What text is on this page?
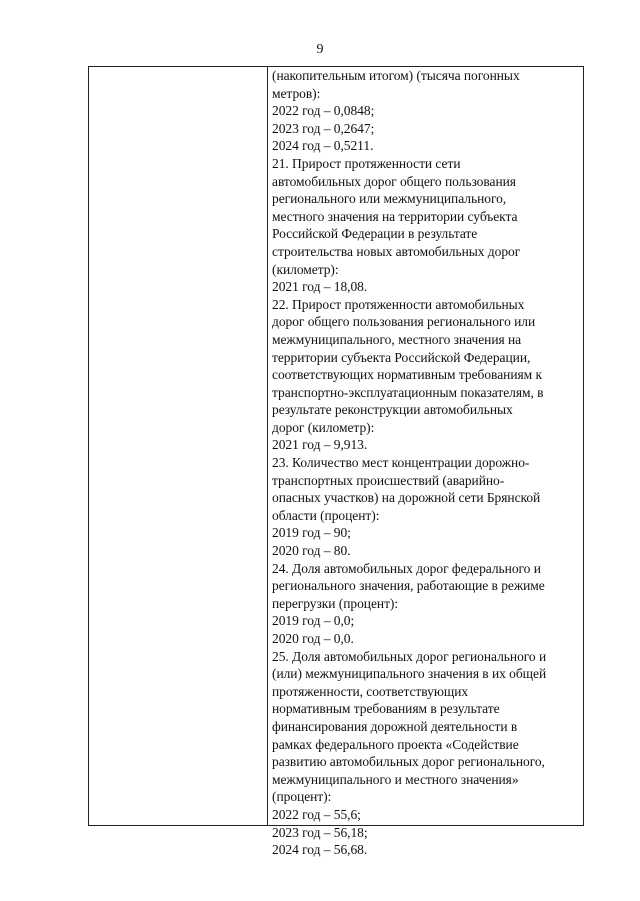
9
(накопительным итогом) (тысяча погонных
метров):
2022 год – 0,0848;
2023 год – 0,2647;
2024 год – 0,5211.
21. Прирост протяженности сети
автомобильных дорог общего пользования
регионального или межмуниципального,
местного значения на территории субъекта
Российской Федерации в результате
строительства новых автомобильных дорог
(километр):
2021 год – 18,08.
22. Прирост протяженности автомобильных
дорог общего пользования регионального или
межмуниципального, местного значения на
территории субъекта Российской Федерации,
соответствующих нормативным требованиям к
транспортно-эксплуатационным показателям, в
результате реконструкции автомобильных
дорог (километр):
2021 год – 9,913.
23. Количество мест концентрации дорожно-
транспортных происшествий (аварийно-
опасных участков) на дорожной сети Брянской
области (процент):
2019 год – 90;
2020 год – 80.
24. Доля автомобильных дорог федерального и
регионального значения, работающие в режиме
перегрузки (процент):
2019 год – 0,0;
2020 год – 0,0.
25. Доля автомобильных дорог регионального и
(или) межмуниципального значения в их общей
протяженности, соответствующих
нормативным требованиям в результате
финансирования дорожной деятельности в
рамках федерального проекта «Содействие
развитию автомобильных дорог регионального,
межмуниципального и местного значения»
(процент):
2022 год – 55,6;
2023 год – 56,18;
2024 год – 56,68.
